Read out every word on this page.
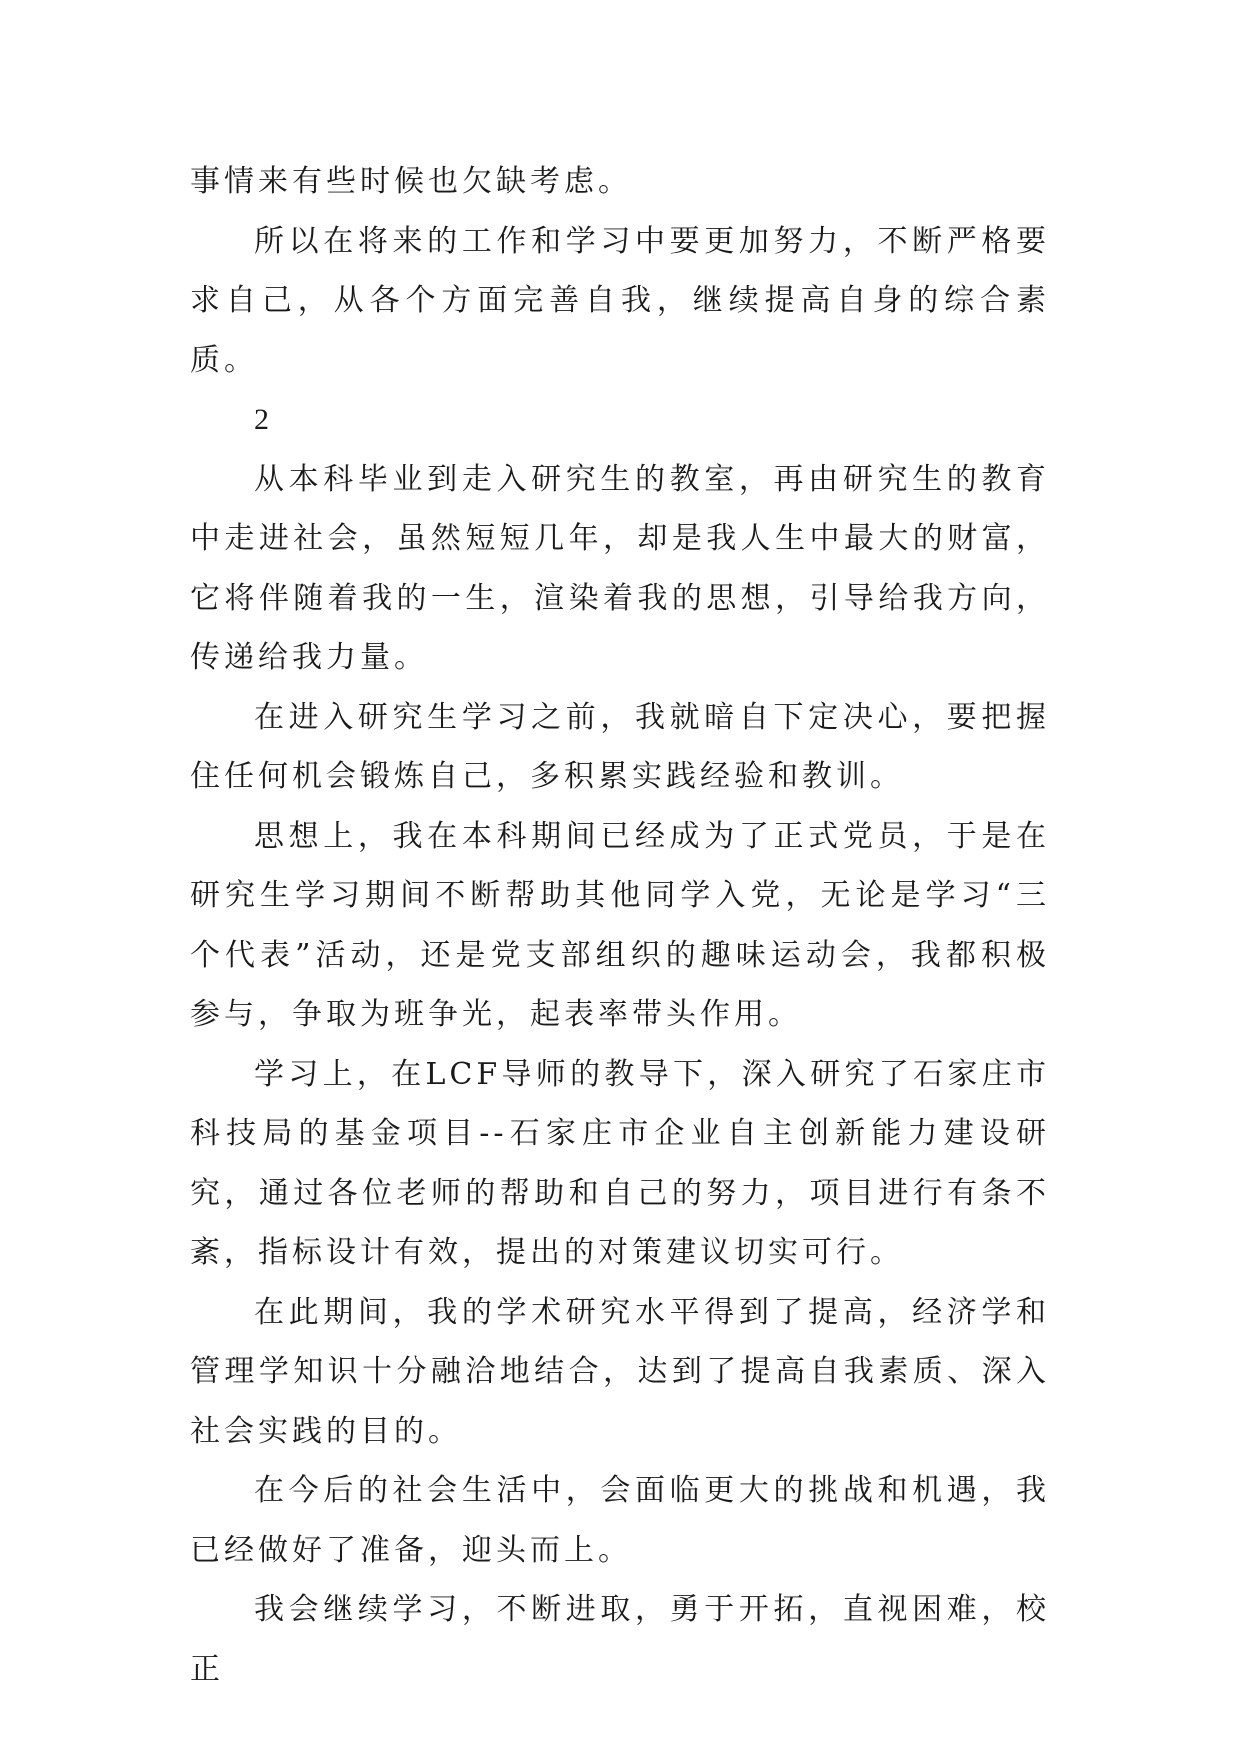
事情来有些时候也欠缺考虑。

所以在将来的工作和学习中要更加努力，不断严格要求自己，从各个方面完善自我，继续提高自身的综合素质。

2

从本科毕业到走入研究生的教室，再由研究生的教育中走进社会，虽然短短几年，却是我人生中最大的财富，它将伴随着我的一生，渲染着我的思想，引导给我方向，传递给我力量。

在进入研究生学习之前，我就暗自下定决心，要把握住任何机会锻炼自己，多积累实践经验和教训。

思想上，我在本科期间已经成为了正式党员，于是在研究生学习期间不断帮助其他同学入党，无论是学习“三个代表”活动，还是党支部组织的趣味运动会，我都积极参与，争取为班争光，起表率带头作用。

学习上，在LCF导师的教导下，深入研究了石家庄市科技局的基金项目--石家庄市企业自主创新能力建设研究，通过各位老师的帮助和自己的努力，项目进行有条不紊，指标设计有效，提出的对策建议切实可行。

在此期间，我的学术研究水平得到了提高，经济学和管理学知识十分融洽地结合，达到了提高自我素质、深入社会实践的目的。

在今后的社会生活中，会面临更大的挑战和机遇，我已经做好了准备，迎头而上。

我会继续学习，不断进取，勇于开拓，直视困难，校正
